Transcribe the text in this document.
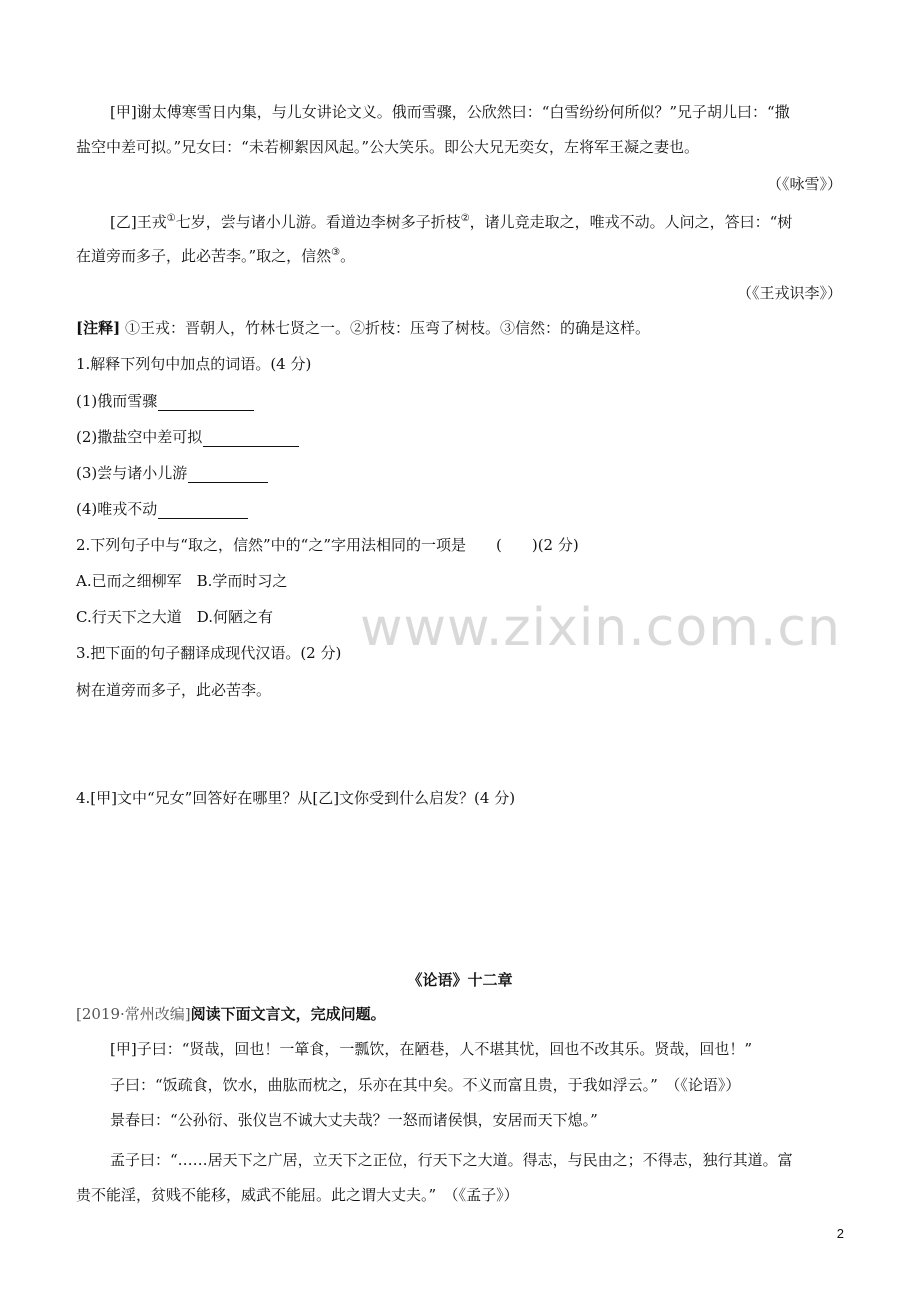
www.zixin.com.cn
[甲]谢太傅寒雪日内集，与儿女讲论文义。俄而雪骤，公欣然曰：“白雪纷纷何所似？”兄子胡儿曰：“撒
盐空中差可拟。”兄女曰：“未若柳絮因风起。”公大笑乐。即公大兄无奕女，左将军王凝之妻也。
（《咏雪》）
[乙]王戎①七岁，尝与诸小儿游。看道边李树多子折枝②，诸儿竞走取之，唯戎不动。人问之，答曰：“树
在道旁而多子，此必苦李。”取之，信然③。
（《王戎识李》）
[注释] ①王戎：晋朝人，竹林七贤之一。②折枝：压弯了树枝。③信然：的确是这样。
1.解释下列句中加点的词语。(4 分)
(1)俄而雪骤
(2)撒盐空中差可拟
(3)尝与诸小儿游
(4)唯戎不动
2.下列句子中与“取之，信然”中的“之”字用法相同的一项是　　(　　)(2 分)
A.已而之细柳军　B.学而时习之
C.行天下之大道　D.何陋之有
3.把下面的句子翻译成现代汉语。(2 分)
树在道旁而多子，此必苦李。
4.[甲]文中“兄女”回答好在哪里？从[乙]文你受到什么启发？(4 分)
《论语》十二章
[2019·常州改编]阅读下面文言文，完成问题。
[甲]子曰：“贤哉，回也！一箪食，一瓢饮，在陋巷，人不堪其忧，回也不改其乐。贤哉，回也！”
子曰：“饭疏食，饮水，曲肱而枕之，乐亦在其中矣。不义而富且贵，于我如浮云。”　（《论语》）
景春曰：“公孙衍、张仪岂不诚大丈夫哉？一怒而诸侯惧，安居而天下熄。”
孟子曰：“……居天下之广居，立天下之正位，行天下之大道。得志，与民由之；不得志，独行其道。富
贵不能淫，贫贱不能移，威武不能屈。此之谓大丈夫。”　（《孟子》）
2
